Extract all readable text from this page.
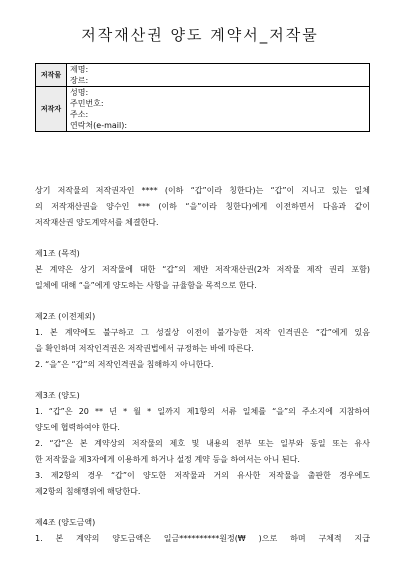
저작재산권 양도 계약서_저작물
저작물	제명:
장르:

저작자	성명:
주민번호:
주소:
연락처(e-mail):
상기 저작물의 저작권자인 **** (이하 “갑”이라 칭한다)는 “갑”이 지니고 있는 일체
의 저작재산권을 양수인 *** (이하 “을”이라 칭한다)에게 이전하면서 다음과 같이
저작재산권 양도계약서를 체결한다.
제1조 (목적)
본 계약은 상기 저작물에 대한 “갑”의 제반 저작재산권(2차 저작물 제작 권리 포함)
일체에 대해 “을”에게 양도하는 사항을 규율함을 목적으로 한다.
제2조 (이전제외)
1. 본 계약에도 불구하고 그 성질상 이전이 불가능한 저작 인격권은 “갑”에게 있음
을 확인하며 저작인격권은 저작권법에서 규정하는 바에 따른다.
2. “을”은 “갑”의 저작인격권을 침해하지 아니한다.
제3조 (양도)
1. “갑”은 20 ** 년 * 월 * 일까지 제1항의 서류 일체를 “을”의 주소지에 지참하여
양도에 협력하여야 한다.
2. “갑”은 본 계약상의 저작물의 제호 및 내용의 전부 또는 일부와 동일 또는 유사
한 저작물을 제3자에게 이용하게 하거나 설정 계약 등을 하여서는 아니 된다.
3. 제2항의 경우 “갑”이 양도한 저작물과 거의 유사한 저작물을 출판한 경우에도
제2항의 침해행위에 해당한다.
제4조 (양도금액)
1. 본 계약의 양도금액은 일금**********원정(₩ )으로 하며 구체적 지급
